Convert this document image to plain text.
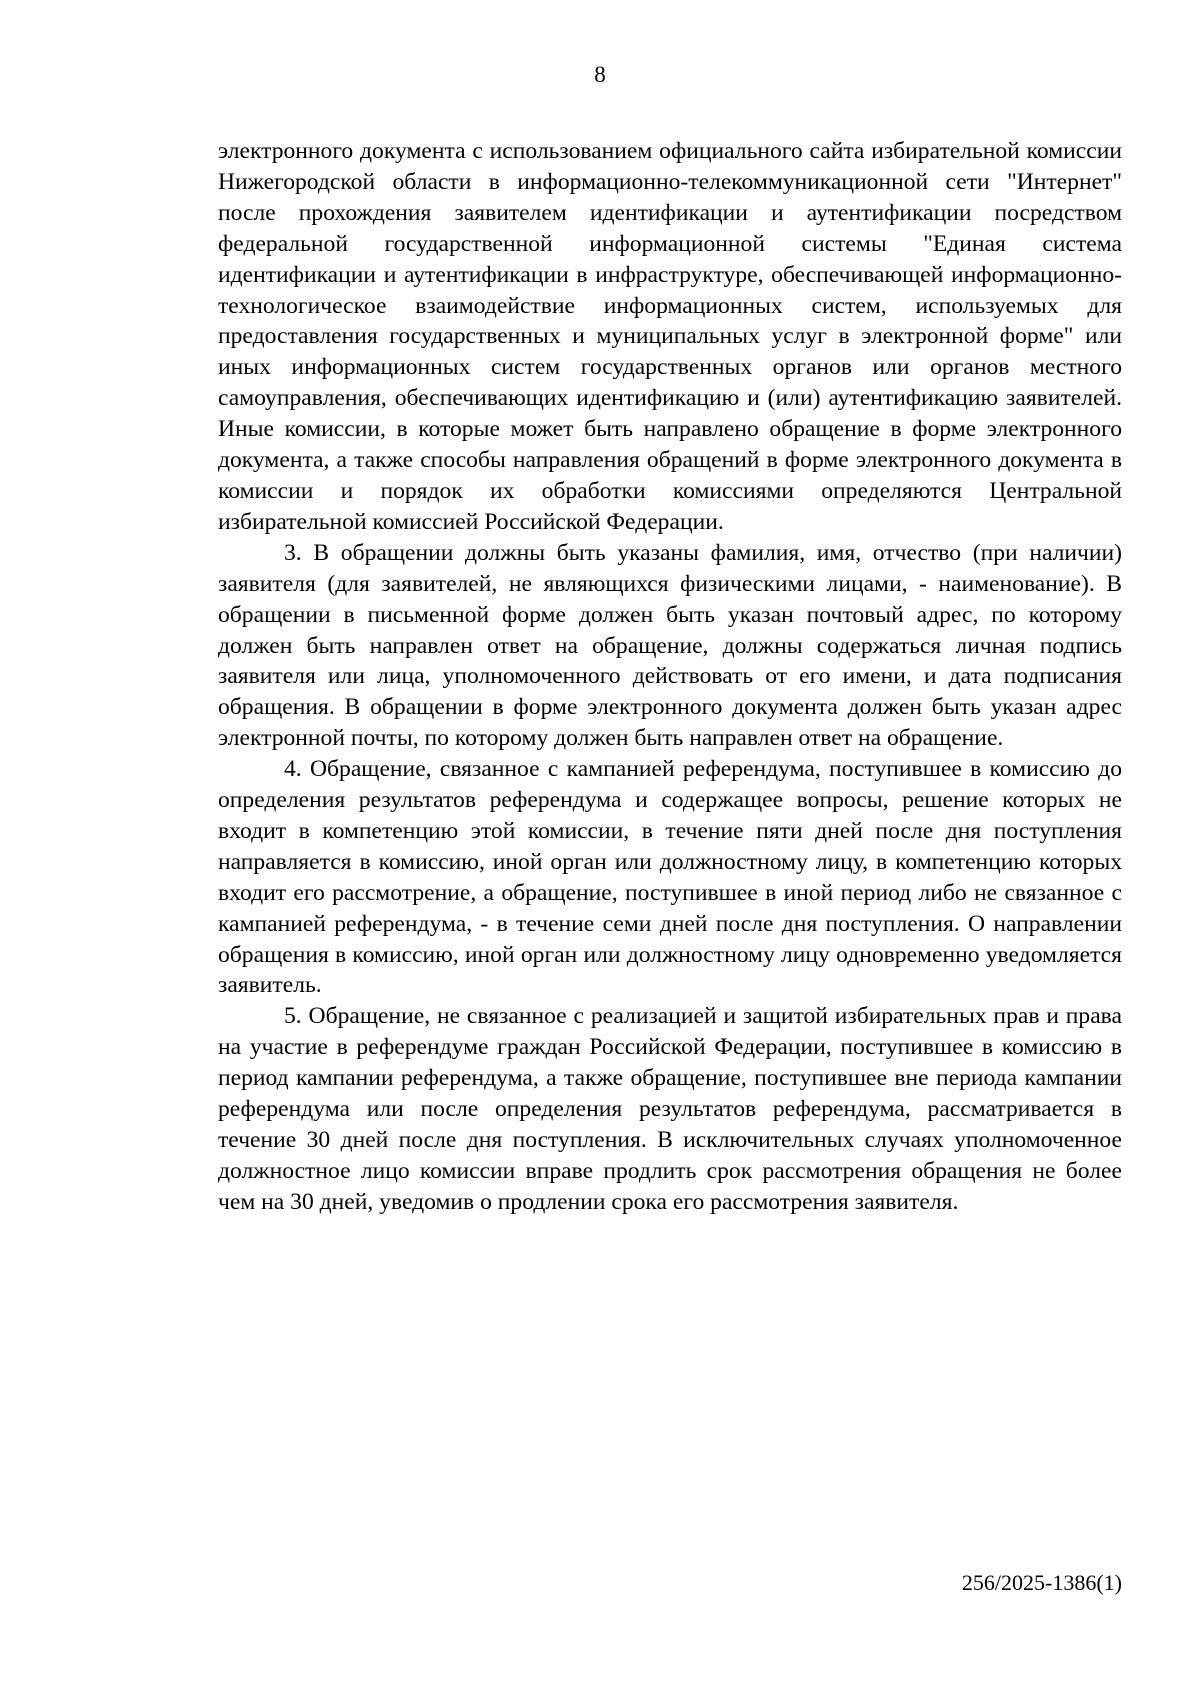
8

электронного документа с использованием официального сайта избирательной комиссии Нижегородской области в информационно-телекоммуникационной сети "Интернет" после прохождения заявителем идентификации и аутентификации посредством федеральной государственной информационной системы "Единая система идентификации и аутентификации в инфраструктуре, обеспечивающей информационно-технологическое взаимодействие информационных систем, используемых для предоставления государственных и муниципальных услуг в электронной форме" или иных информационных систем государственных органов или органов местного самоуправления, обеспечивающих идентификацию и (или) аутентификацию заявителей. Иные комиссии, в которые может быть направлено обращение в форме электронного документа, а также способы направления обращений в форме электронного документа в комиссии и порядок их обработки комиссиями определяются Центральной избирательной комиссией Российской Федерации.

3. В обращении должны быть указаны фамилия, имя, отчество (при наличии) заявителя (для заявителей, не являющихся физическими лицами, - наименование). В обращении в письменной форме должен быть указан почтовый адрес, по которому должен быть направлен ответ на обращение, должны содержаться личная подпись заявителя или лица, уполномоченного действовать от его имени, и дата подписания обращения. В обращении в форме электронного документа должен быть указан адрес электронной почты, по которому должен быть направлен ответ на обращение.

4. Обращение, связанное с кампанией референдума, поступившее в комиссию до определения результатов референдума и содержащее вопросы, решение которых не входит в компетенцию этой комиссии, в течение пяти дней после дня поступления направляется в комиссию, иной орган или должностному лицу, в компетенцию которых входит его рассмотрение, а обращение, поступившее в иной период либо не связанное с кампанией референдума, - в течение семи дней после дня поступления. О направлении обращения в комиссию, иной орган или должностному лицу одновременно уведомляется заявитель.

5. Обращение, не связанное с реализацией и защитой избирательных прав и права на участие в референдуме граждан Российской Федерации, поступившее в комиссию в период кампании референдума, а также обращение, поступившее вне периода кампании референдума или после определения результатов референдума, рассматривается в течение 30 дней после дня поступления. В исключительных случаях уполномоченное должностное лицо комиссии вправе продлить срок рассмотрения обращения не более чем на 30 дней, уведомив о продлении срока его рассмотрения заявителя.

256/2025-1386(1)
